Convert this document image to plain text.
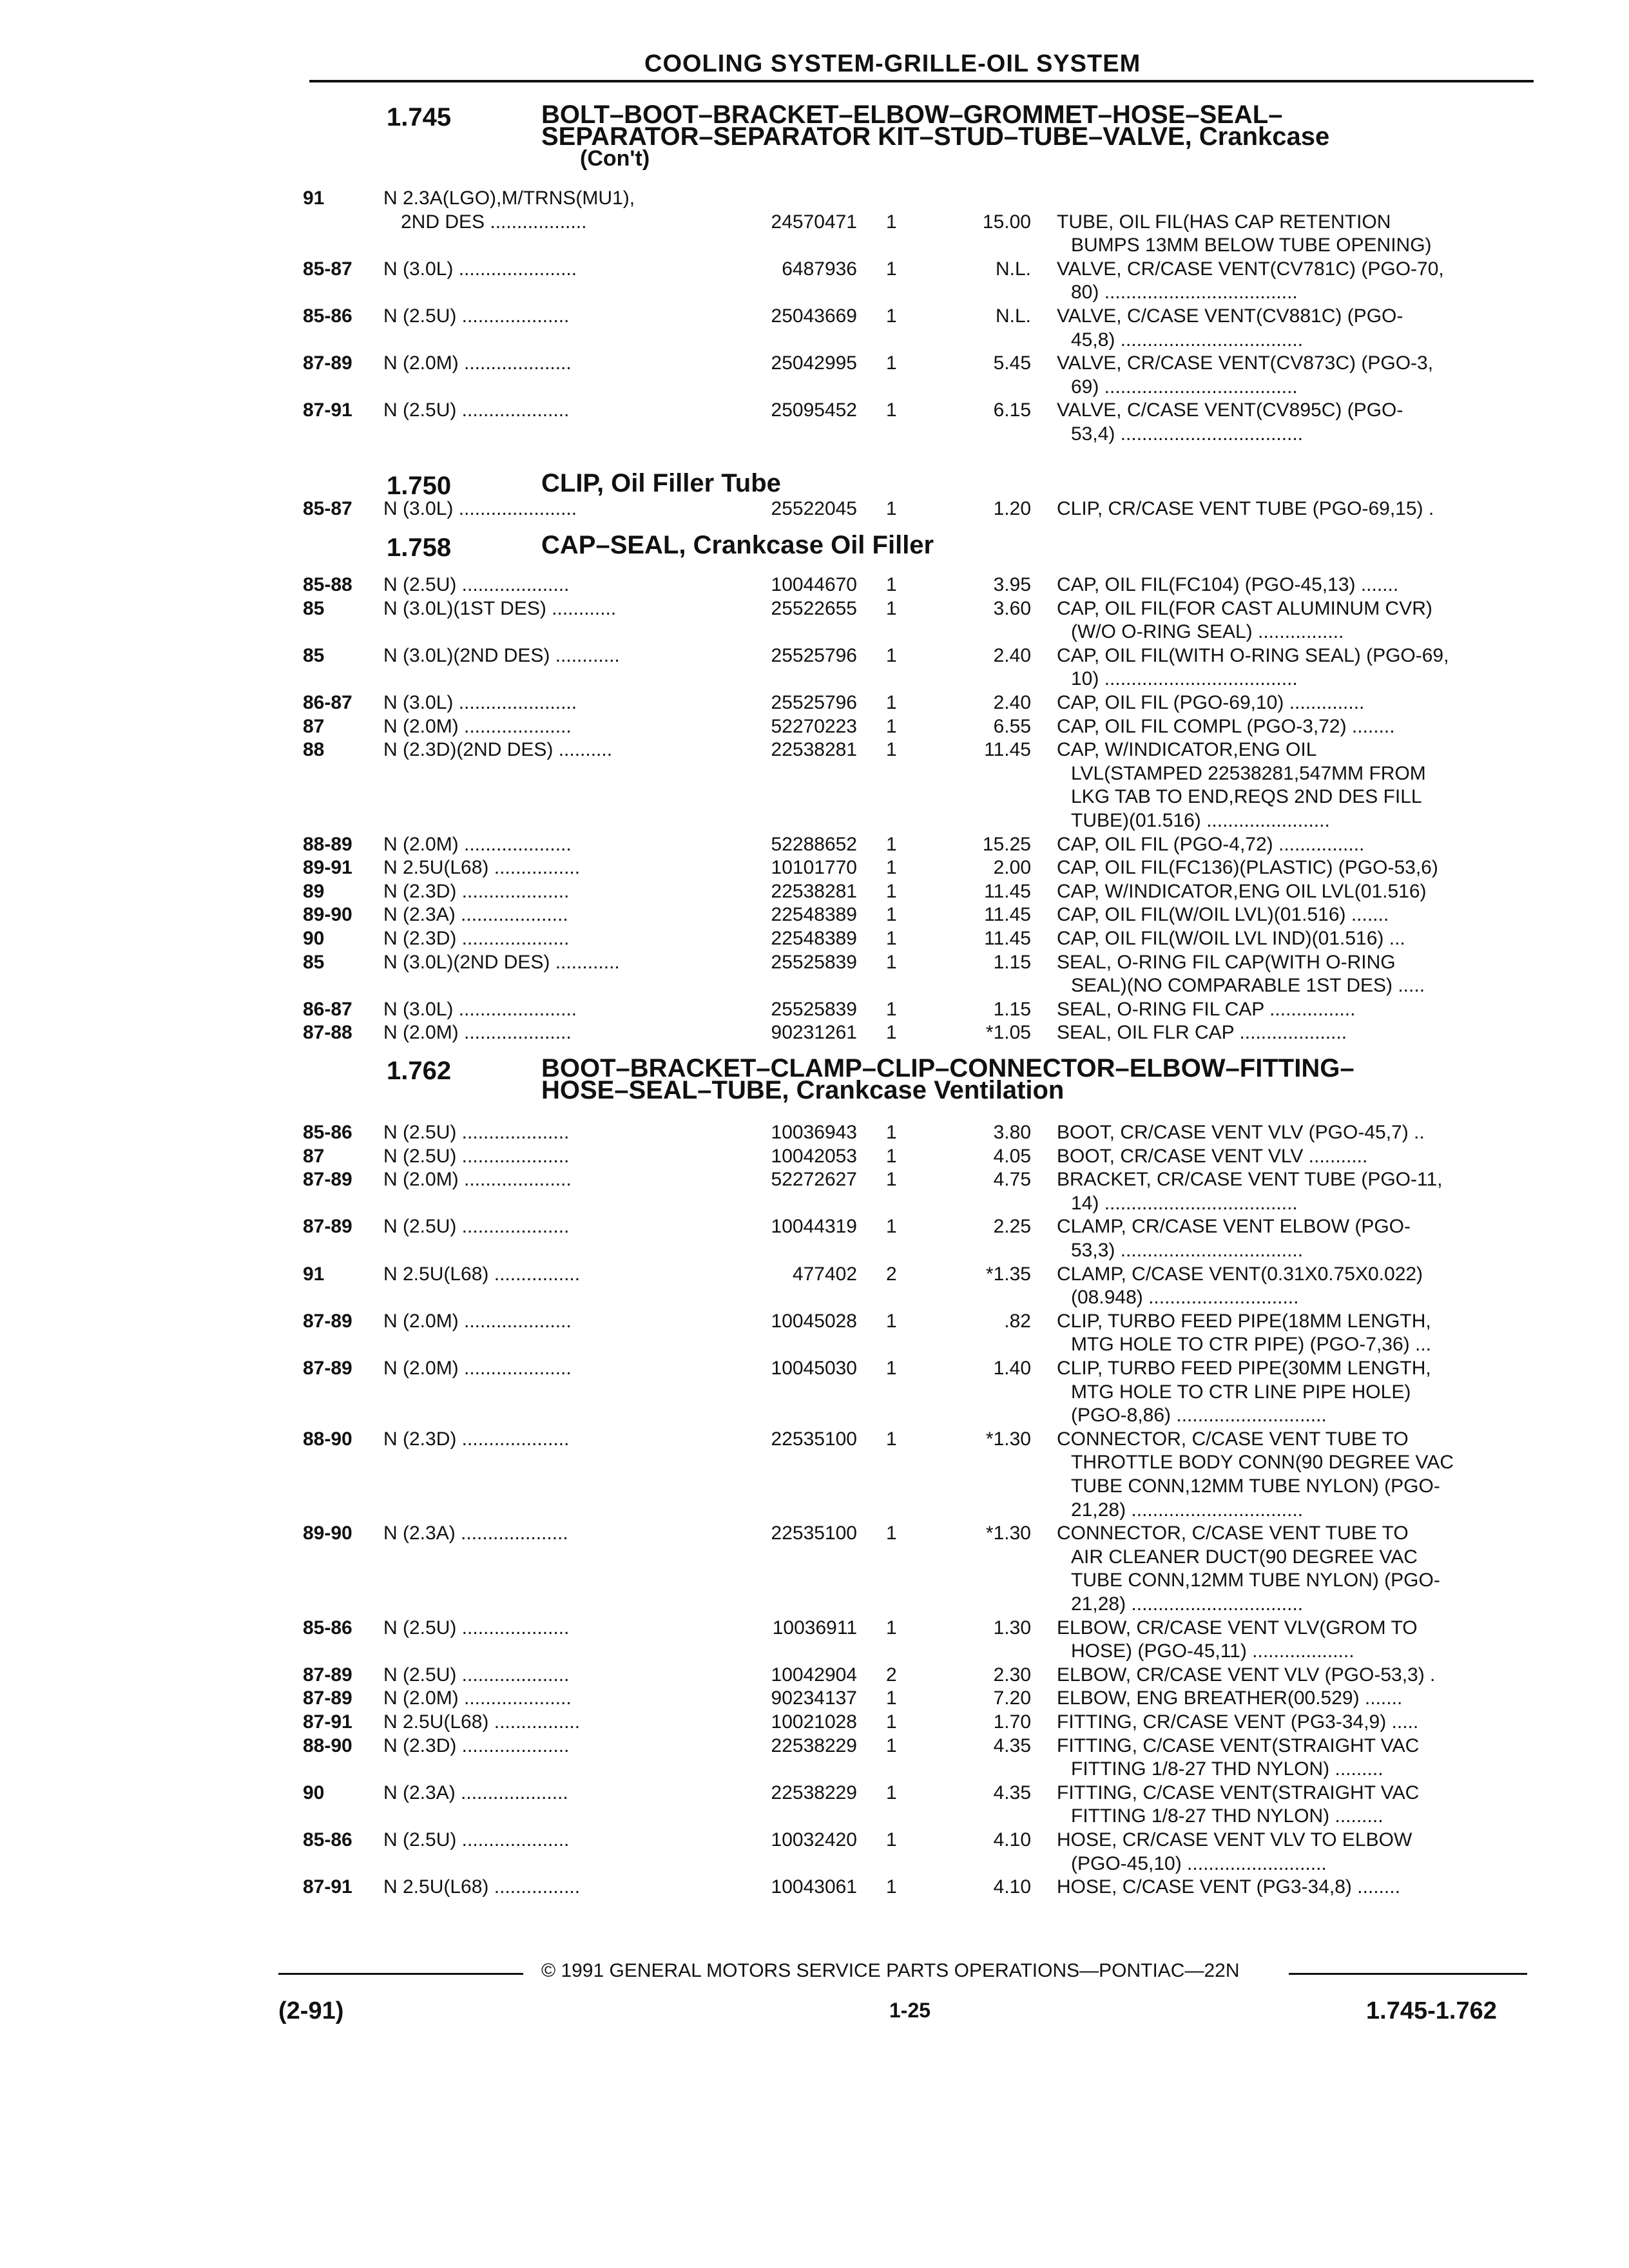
COOLING SYSTEM-GRILLE-OIL SYSTEM
1.745	BOLT–BOOT–BRACKET–ELBOW–GROMMET–HOSE–SEAL–
SEPARATOR–SEPARATOR KIT–STUD–TUBE–VALVE, Crankcase
(Con't)
91	N 2.3A(LGO),M/TRNS(MU1),
2ND DES ..................	24570471 1	15.00 TUBE, OIL FIL(HAS CAP RETENTION
BUMPS 13MM BELOW TUBE OPENING)
85-87 N (3.0L) ......................	6487936 1	N.L. VALVE, CR/CASE VENT(CV781C) (PGO-70,
80) ....................................
85-86 N (2.5U) ....................	25043669 1	N.L. VALVE, C/CASE VENT(CV881C) (PGO-
45,8) ..................................
87-89 N (2.0M) ....................	25042995 1	5.45 VALVE, CR/CASE VENT(CV873C) (PGO-3,
69) ....................................
87-91 N (2.5U) ....................	25095452 1	6.15 VALVE, C/CASE VENT(CV895C) (PGO-
53,4) ..................................
1.750	CLIP, Oil Filler Tube
85-87 N (3.0L) ......................	25522045 1	1.20 CLIP, CR/CASE VENT TUBE (PGO-69,15) .
1.758	CAP–SEAL, Crankcase Oil Filler
85-88 N (2.5U) ....................	10044670 1	3.95 CAP, OIL FIL(FC104) (PGO-45,13) .......
85	N (3.0L)(1ST DES) ............	25522655 1	3.60 CAP, OIL FIL(FOR CAST ALUMINUM CVR)
(W/O O-RING SEAL) ................
85	N (3.0L)(2ND DES) ............	25525796 1	2.40 CAP, OIL FIL(WITH O-RING SEAL) (PGO-69,
10) ....................................
86-87 N (3.0L) ......................	25525796 1	2.40 CAP, OIL FIL (PGO-69,10) ..............
87	N (2.0M) ....................	52270223 1	6.55 CAP, OIL FIL COMPL (PGO-3,72) ........
88	N (2.3D)(2ND DES) ..........	22538281 1	11.45 CAP, W/INDICATOR,ENG OIL
LVL(STAMPED 22538281,547MM FROM
LKG TAB TO END,REQS 2ND DES FILL
TUBE)(01.516) .......................
88-89 N (2.0M) ....................	52288652 1	15.25 CAP, OIL FIL (PGO-4,72) ................
89-91 N 2.5U(L68) ................	10101770 1	2.00 CAP, OIL FIL(FC136)(PLASTIC) (PGO-53,6)
89	N (2.3D) ....................	22538281 1	11.45 CAP, W/INDICATOR,ENG OIL LVL(01.516)
89-90 N (2.3A) ....................	22548389 1	11.45 CAP, OIL FIL(W/OIL LVL)(01.516) .......
90	N (2.3D) ....................	22548389 1	11.45 CAP, OIL FIL(W/OIL LVL IND)(01.516) ...
85	N (3.0L)(2ND DES) ............	25525839 1	1.15 SEAL, O-RING FIL CAP(WITH O-RING
SEAL)(NO COMPARABLE 1ST DES) .....
86-87 N (3.0L) ......................	25525839 1	1.15 SEAL, O-RING FIL CAP ................
87-88 N (2.0M) ....................	90231261 1	*1.05 SEAL, OIL FLR CAP ....................
1.762	BOOT–BRACKET–CLAMP–CLIP–CONNECTOR–ELBOW–FITTING–
HOSE–SEAL–TUBE, Crankcase Ventilation
85-86 N (2.5U) ....................	10036943 1	3.80 BOOT, CR/CASE VENT VLV (PGO-45,7) ..
87	N (2.5U) ....................	10042053 1	4.05 BOOT, CR/CASE VENT VLV ...........
87-89 N (2.0M) ....................	52272627 1	4.75 BRACKET, CR/CASE VENT TUBE (PGO-11,
14) ....................................
87-89 N (2.5U) ....................	10044319 1	2.25 CLAMP, CR/CASE VENT ELBOW (PGO-
53,3) ..................................
91	N 2.5U(L68) ................	477402 2	*1.35 CLAMP, C/CASE VENT(0.31X0.75X0.022)
(08.948) ............................
87-89 N (2.0M) ....................	10045028 1	.82 CLIP, TURBO FEED PIPE(18MM LENGTH,
MTG HOLE TO CTR PIPE) (PGO-7,36) ...
87-89 N (2.0M) ....................	10045030 1	1.40 CLIP, TURBO FEED PIPE(30MM LENGTH,
MTG HOLE TO CTR LINE PIPE HOLE)
(PGO-8,86) ............................
88-90 N (2.3D) ....................	22535100 1	*1.30 CONNECTOR, C/CASE VENT TUBE TO
THROTTLE BODY CONN(90 DEGREE VAC
TUBE CONN,12MM TUBE NYLON) (PGO-
21,28) ................................
89-90 N (2.3A) ....................	22535100 1	*1.30 CONNECTOR, C/CASE VENT TUBE TO
AIR CLEANER DUCT(90 DEGREE VAC
TUBE CONN,12MM TUBE NYLON) (PGO-
21,28) ................................
85-86 N (2.5U) ....................	10036911 1	1.30 ELBOW, CR/CASE VENT VLV(GROM TO
HOSE) (PGO-45,11) ...................
87-89 N (2.5U) ....................	10042904 2	2.30 ELBOW, CR/CASE VENT VLV (PGO-53,3) .
87-89 N (2.0M) ....................	90234137 1	7.20 ELBOW, ENG BREATHER(00.529) .......
87-91 N 2.5U(L68) ................	10021028 1	1.70 FITTING, CR/CASE VENT (PG3-34,9) .....
88-90 N (2.3D) ....................	22538229 1	4.35 FITTING, C/CASE VENT(STRAIGHT VAC
FITTING 1/8-27 THD NYLON) .........
90	N (2.3A) ....................	22538229 1	4.35 FITTING, C/CASE VENT(STRAIGHT VAC
FITTING 1/8-27 THD NYLON) .........
85-86 N (2.5U) ....................	10032420 1	4.10 HOSE, CR/CASE VENT VLV TO ELBOW
(PGO-45,10) ..........................
87-91 N 2.5U(L68) ................	10043061 1	4.10 HOSE, C/CASE VENT (PG3-34,8) ........
© 1991 GENERAL MOTORS SERVICE PARTS OPERATIONS—PONTIAC—22N
(2-91)	1-25	1.745-1.762
